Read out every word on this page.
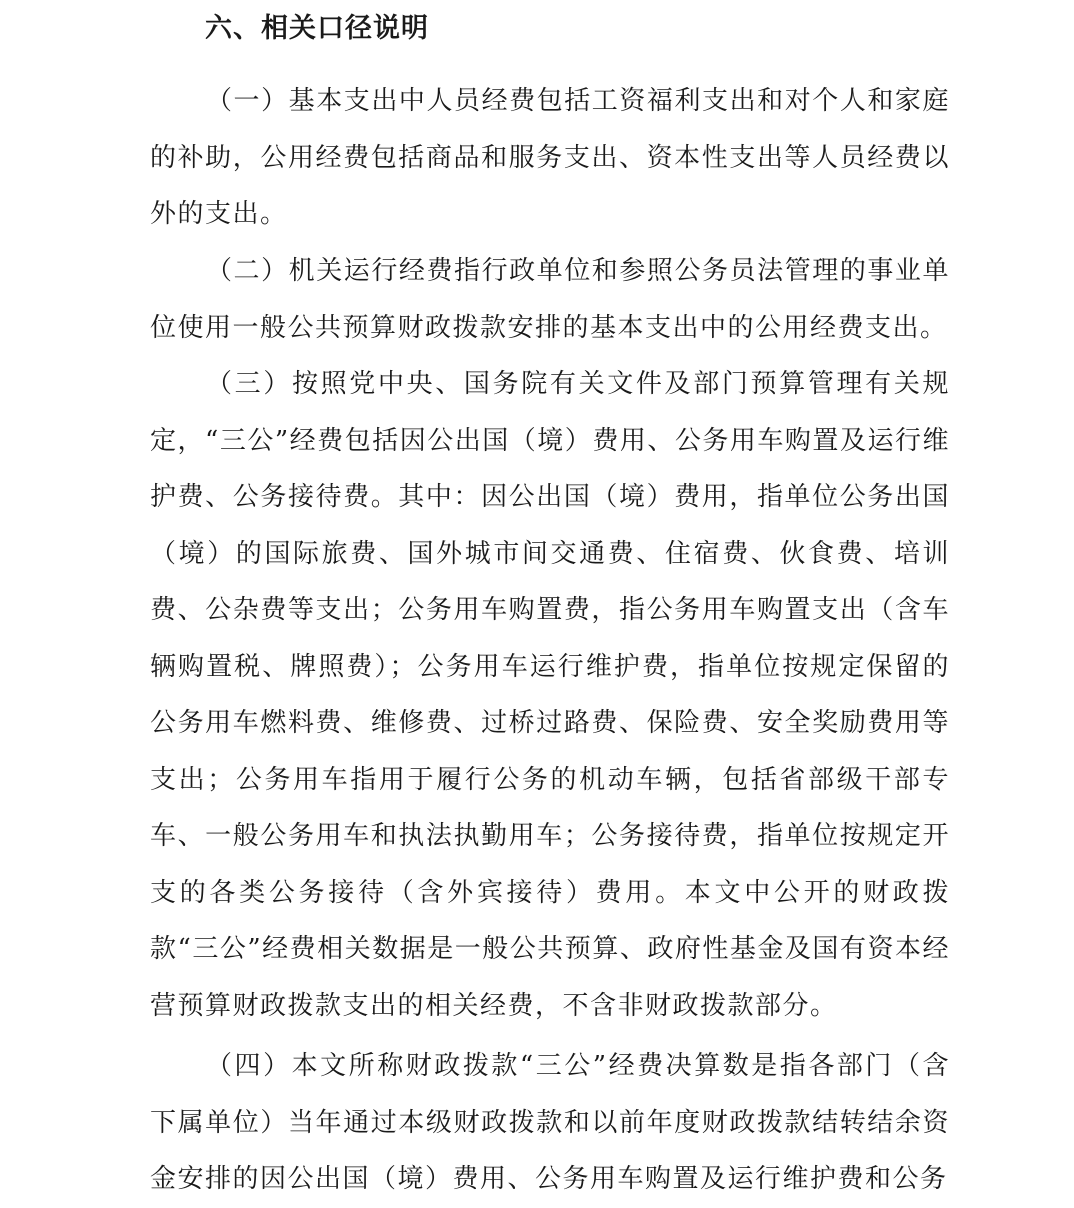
六、相关口径说明

（一）基本支出中人员经费包括工资福利支出和对个人和家庭的补助，公用经费包括商品和服务支出、资本性支出等人员经费以外的支出。

（二）机关运行经费指行政单位和参照公务员法管理的事业单位使用一般公共预算财政拨款安排的基本支出中的公用经费支出。

（三）按照党中央、国务院有关文件及部门预算管理有关规定，“三公”经费包括因公出国（境）费用、公务用车购置及运行维护费、公务接待费。其中：因公出国（境）费用，指单位公务出国（境）的国际旅费、国外城市间交通费、住宿费、伙食费、培训费、公杂费等支出；公务用车购置费，指公务用车购置支出（含车辆购置税、牌照费）；公务用车运行维护费，指单位按规定保留的公务用车燃料费、维修费、过桥过路费、保险费、安全奖励费用等支出；公务用车指用于履行公务的机动车辆，包括省部级干部专车、一般公务用车和执法执勤用车；公务接待费，指单位按规定开支的各类公务接待（含外宾接待）费用。本文中公开的财政拨款“三公”经费相关数据是一般公共预算、政府性基金及国有资本经营预算财政拨款支出的相关经费，不含非财政拨款部分。

（四）本文所称财政拨款“三公”经费决算数是指各部门（含下属单位）当年通过本级财政拨款和以前年度财政拨款结转结余资金安排的因公出国（境）费用、公务用车购置及运行维护费和公务
